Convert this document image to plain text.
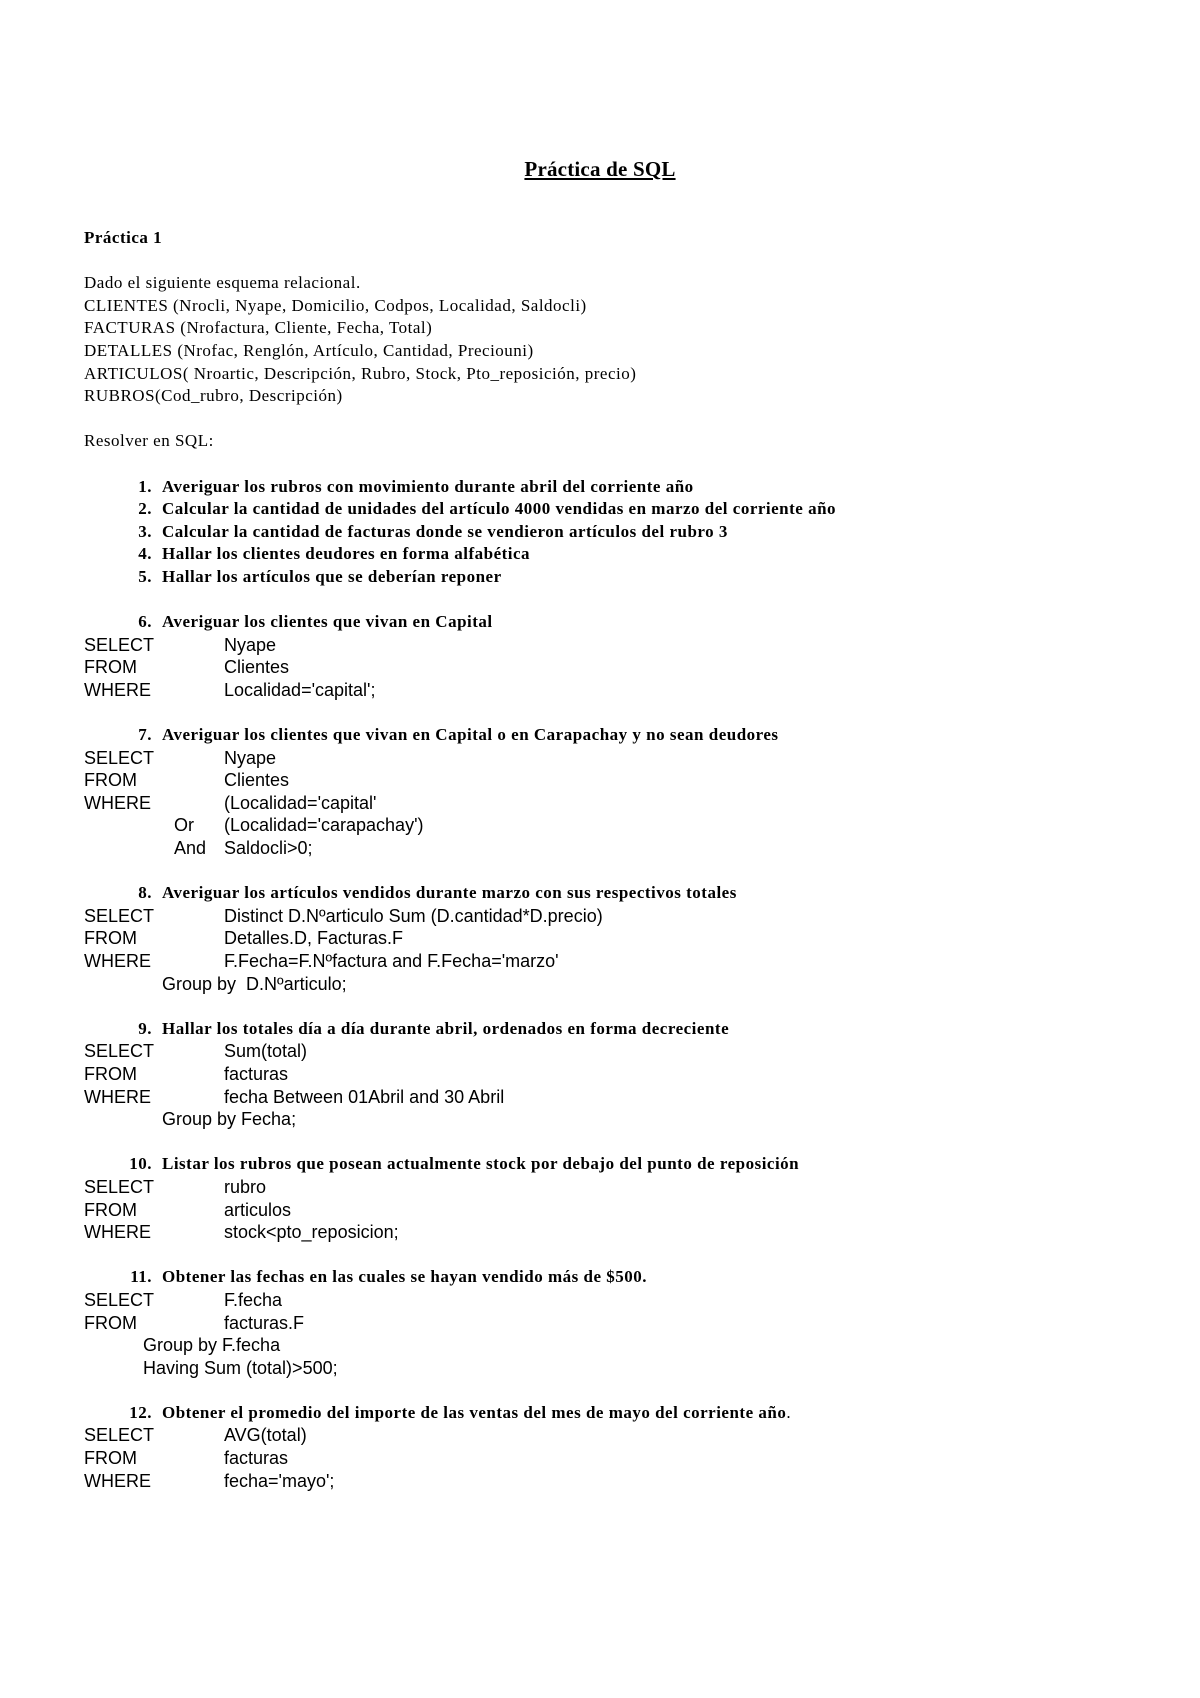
Práctica de SQL
Práctica 1
Dado el siguiente esquema relacional.
CLIENTES (Nrocli, Nyape, Domicilio, Codpos, Localidad, Saldocli)
FACTURAS (Nrofactura, Cliente, Fecha, Total)
DETALLES (Nrofac, Renglón, Artículo, Cantidad, Preciouni)
ARTICULOS( Nroartic, Descripción, Rubro, Stock, Pto_reposición, precio)
RUBROS(Cod_rubro, Descripción)
Resolver en SQL:
1. Averiguar los rubros con movimiento durante abril del corriente año
2. Calcular la cantidad de unidades del artículo 4000 vendidas en marzo del corriente año
3. Calcular la cantidad de facturas donde se vendieron artículos del rubro 3
4. Hallar los clientes deudores en forma alfabética
5. Hallar los artículos que se deberían reponer
6. Averiguar los clientes que vivan en Capital
SELECT	Nyape
FROM	Clientes
WHERE	Localidad='capital';
7. Averiguar los clientes que vivan en Capital o en Carapachay y no sean deudores
SELECT	Nyape
FROM	Clientes
WHERE	(Localidad='capital'
Or (Localidad='carapachay')
And Saldocli>0;
8. Averiguar los artículos vendidos durante marzo con sus respectivos totales
SELECT	Distinct D.Nºarticulo Sum (D.cantidad*D.precio)
FROM	Detalles.D, Facturas.F
WHERE	F.Fecha=F.Nºfactura and F.Fecha='marzo'
Group by  D.Nºarticulo;
9. Hallar los totales día a día durante abril, ordenados en forma decreciente
SELECT	Sum(total)
FROM	facturas
WHERE	fecha Between 01Abril and 30 Abril
Group by Fecha;
10. Listar los rubros que posean actualmente stock por debajo del punto de reposición
SELECT	rubro
FROM	articulos
WHERE	stock<pto_reposicion;
11. Obtener las fechas en las cuales se hayan vendido más de $500.
SELECT	F.fecha
FROM	facturas.F
Group by F.fecha
Having Sum (total)>500;
12. Obtener el promedio del importe de las ventas del mes de mayo del corriente año.
SELECT	AVG(total)
FROM	facturas
WHERE	fecha='mayo';
